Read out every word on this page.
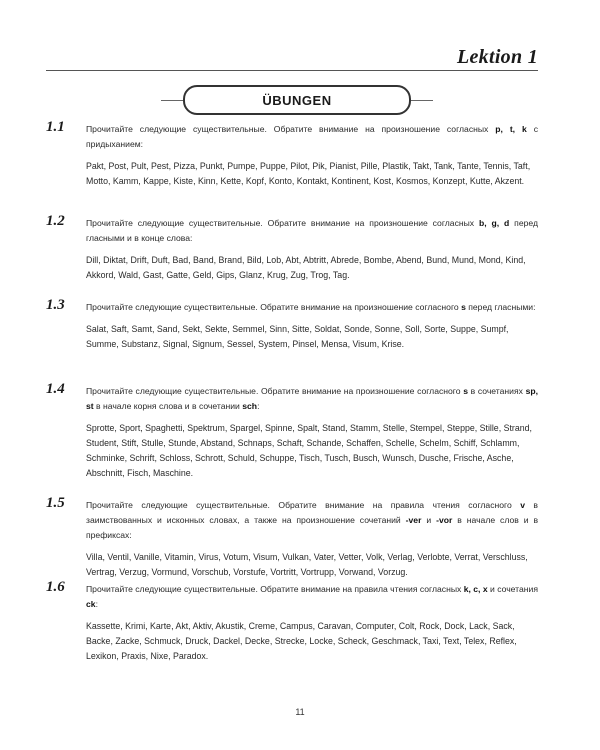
Lektion 1
ÜBUNGEN
1.1 Прочитайте следующие существительные. Обратите внимание на произношение согласных p, t, k с придыханием:
Pakt, Post, Pult, Pest, Pizza, Punkt, Pumpe, Puppe, Pilot, Pik, Pianist, Pille, Plastik, Takt, Tank, Tante, Tennis, Taft, Motto, Kamm, Kappe, Kiste, Kinn, Kette, Kopf, Konto, Kontakt, Kontinent, Kost, Kosmos, Konzept, Kutte, Akzent.
1.2 Прочитайте следующие существительные. Обратите внимание на произношение согласных b, g, d перед гласными и в конце слова:
Dill, Diktat, Drift, Duft, Bad, Band, Brand, Bild, Lob, Abt, Abtritt, Abrede, Bombe, Abend, Bund, Mund, Mond, Kind, Akkord, Wald, Gast, Gatte, Geld, Gips, Glanz, Krug, Zug, Trog, Tag.
1.3 Прочитайте следующие существительные. Обратите внимание на произношение согласного s перед гласными:
Salat, Saft, Samt, Sand, Sekt, Sekte, Semmel, Sinn, Sitte, Soldat, Sonde, Sonne, Soll, Sorte, Suppe, Sumpf, Summe, Substanz, Signal, Signum, Sessel, System, Pinsel, Mensa, Visum, Krise.
1.4 Прочитайте следующие существительные. Обратите внимание на произношение согласного s в сочетаниях sp, st в начале корня слова и в сочетании sch:
Sprotte, Sport, Spaghetti, Spektrum, Spargel, Spinne, Spalt, Stand, Stamm, Stelle, Stempel, Steppe, Stille, Strand, Student, Stift, Stulle, Stunde, Abstand, Schnaps, Schaft, Schande, Schaffen, Schelle, Schelm, Schiff, Schlamm, Schminke, Schrift, Schloss, Schrott, Schuld, Schuppe, Tisch, Tusch, Busch, Wunsch, Dusche, Frische, Asche, Abschnitt, Fisch, Maschine.
1.5 Прочитайте следующие существительные. Обратите внимание на правила чтения согласного v в заимствованных и исконных словах, а также на произношение сочетаний -ver и -vor в начале слов и в префиксах:
Villa, Ventil, Vanille, Vitamin, Virus, Votum, Visum, Vulkan, Vater, Vetter, Volk, Verlag, Verlobte, Verrat, Verschluss, Vertrag, Verzug, Vormund, Vorschub, Vorstufe, Vortritt, Vortrupp, Vorwand, Vorzug.
1.6 Прочитайте следующие существительные. Обратите внимание на правила чтения согласных k, c, x и сочетания ck:
Kassette, Krimi, Karte, Akt, Aktiv, Akustik, Creme, Campus, Caravan, Computer, Colt, Rock, Dock, Lack, Sack, Backe, Zacke, Schmuck, Druck, Dackel, Decke, Strecke, Locke, Scheck, Geschmack, Taxi, Text, Telex, Reflex, Lexikon, Praxis, Nixe, Paradox.
11
